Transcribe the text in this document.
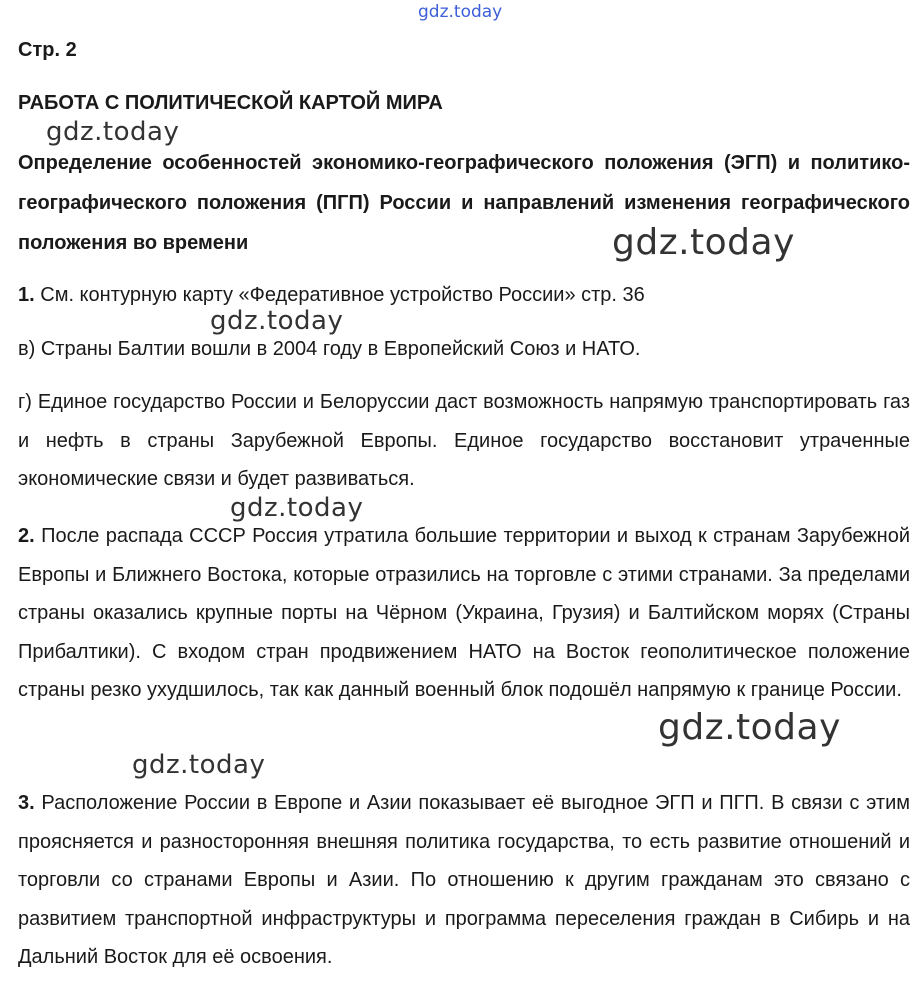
gdz.today
Стр. 2
РАБОТА С ПОЛИТИЧЕСКОЙ КАРТОЙ МИРА
Определение особенностей экономико-географического положения (ЭГП) и политико-географического положения (ПГП) России и направлений изменения географического положения во времени
1. См. контурную карту «Федеративное устройство России» стр. 36
в) Страны Балтии вошли в 2004 году в Европейский Союз и НАТО.
г) Единое государство России и Белоруссии даст возможность напрямую транспортировать газ и нефть в страны Зарубежной Европы. Единое государство восстановит утраченные экономические связи и будет развиваться.
2. После распада СССР Россия утратила большие территории и выход к странам Зарубежной Европы и Ближнего Востока, которые отразились на торговле с этими странами. За пределами страны оказались крупные порты на Чёрном (Украина, Грузия) и Балтийском морях (Страны Прибалтики). С входом стран продвижением НАТО на Восток геополитическое положение страны резко ухудшилось, так как данный военный блок подошёл напрямую к границе России.
3. Расположение России в Европе и Азии показывает её выгодное ЭГП и ПГП. В связи с этим проясняется и разносторонняя внешняя политика государства, то есть развитие отношений и торговли со странами Европы и Азии. По отношению к другим гражданам это связано с развитием транспортной инфраструктуры и программа переселения граждан в Сибирь и на Дальний Восток для её освоения.
gdz.today
gdz.today
gdz.today
gdz.today
gdz.today
gdz.today
